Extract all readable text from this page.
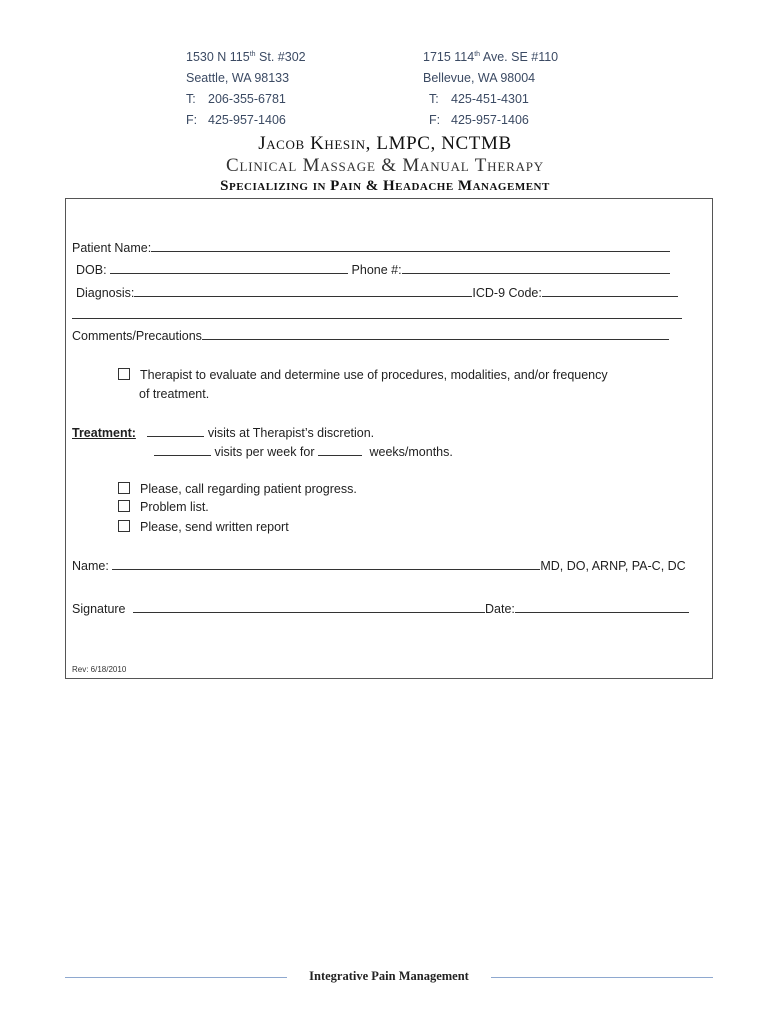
1530 N 115th St. #302
Seattle, WA 98133
T: 206-355-6781
F: 425-957-1406
1715 114th Ave. SE #110
Bellevue, WA 98004
T: 425-451-4301
F: 425-957-1406
Jacob Khesin, LMPC, NCTMB
Clinical Massage & Manual Therapy
Specializing in Pain & Headache Management
Patient Name:
DOB:	Phone #:
Diagnosis:	ICD-9 Code:
Comments/Precautions
Therapist to evaluate and determine use of procedures, modalities, and/or frequency
of treatment.
Treatment:	visits at Therapist’s discretion.
visits per week for	weeks/months.
Please, call regarding patient progress.
Problem list.
Please, send written report
Name:	MD, DO, ARNP, PA-C, DC
Signature	Date:
Rev: 6/18/2010
Integrative Pain Management
